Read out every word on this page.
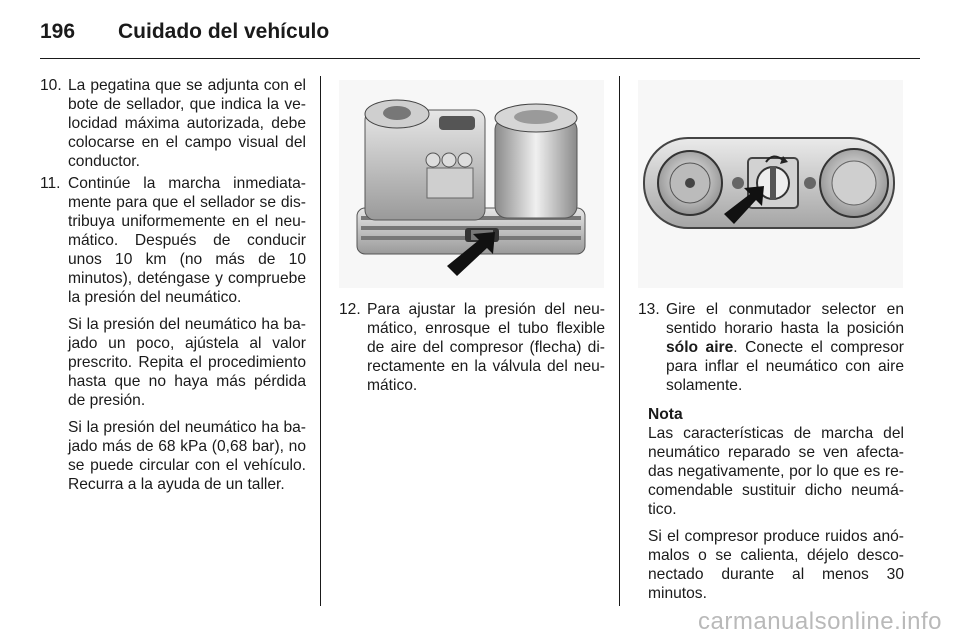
196 Cuidado del vehículo
10. La pegatina que se adjunta con el bote de sellador, que indica la velocidad máxima autorizada, debe colocarse en el campo visual del conductor.
11. Continúe la marcha inmediatamente para que el sellador se distribuya uniformemente en el neumático. Después de conducir unos 10 km (no más de 10 minutos), deténgase y compruebe la presión del neumático.
Si la presión del neumático ha bajado un poco, ajústela al valor prescrito. Repita el procedimiento hasta que no haya más pérdida de presión.
Si la presión del neumático ha bajado más de 68 kPa (0,68 bar), no se puede circular con el vehículo. Recurra a la ayuda de un taller.
12. Para ajustar la presión del neumático, enrosque el tubo flexible de aire del compresor (flecha) directamente en la válvula del neumático.
13. Gire el conmutador selector en sentido horario hasta la posición sólo aire. Conecte el compresor para inflar el neumático con aire solamente.
Nota
Las características de marcha del neumático reparado se ven afectadas negativamente, por lo que es recomendable sustituir dicho neumático.
Si el compresor produce ruidos anómalos o se calienta, déjelo desconectado durante al menos 30 minutos.
carmanualsonline.info
